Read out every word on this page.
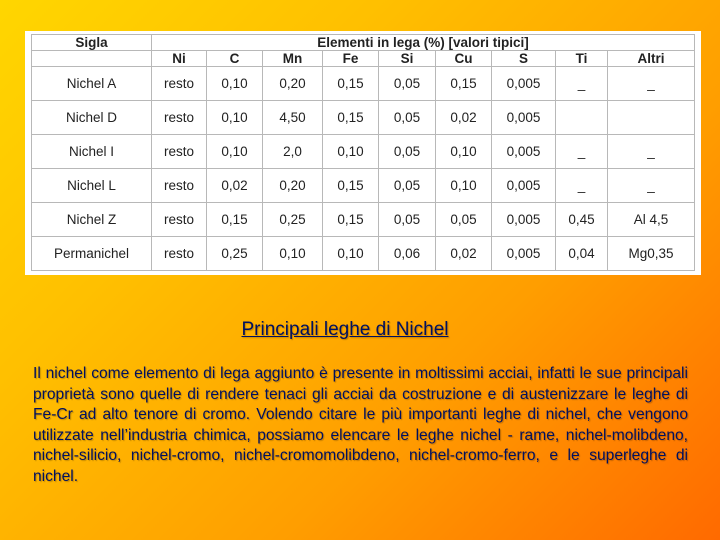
Sigla	Elementi in lega (%) [valori tipici]								
	Ni	C	Mn	Fe	Si	Cu	S	Ti	Altri
Nichel A	resto	0,10	0,20	0,15	0,05	0,15	0,005	_	_
Nichel D	resto	0,10	4,50	0,15	0,05	0,02	0,005		
Nichel I	resto	0,10	2,0	0,10	0,05	0,10	0,005	_	_
Nichel L	resto	0,02	0,20	0,15	0,05	0,10	0,005	_	_
Nichel Z	resto	0,15	0,25	0,15	0,05	0,05	0,005	0,45	Al 4,5
Permanichel	resto	0,25	0,10	0,10	0,06	0,02	0,005	0,04	Mg0,35
Principali leghe di Nichel

Il nichel come elemento di lega aggiunto è presente in moltissimi acciai, infatti le sue principali proprietà sono quelle di rendere tenaci gli acciai da costruzione e di austenizzare le leghe di Fe-Cr ad alto tenore di cromo. Volendo citare le più importanti leghe di nichel, che vengono utilizzate nell’industria chimica, possiamo elencare le leghe nichel - rame, nichel-molibdeno, nichel-silicio, nichel-cromo, nichel-cromomolibdeno, nichel-cromo-ferro, e le superleghe di nichel.
